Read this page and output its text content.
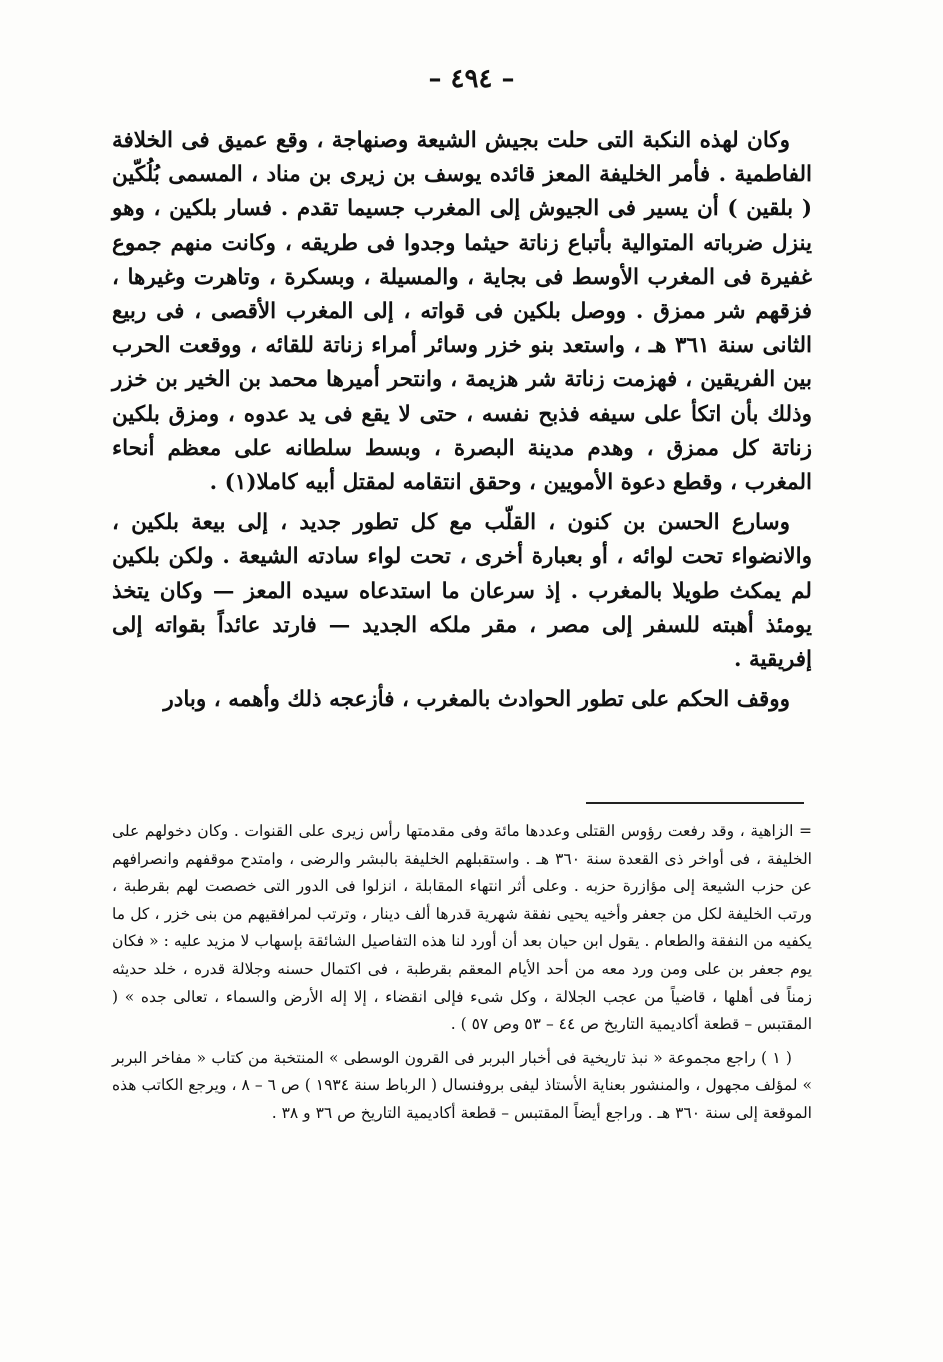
– ٤٩٤ –

وكان لهذه النكبة التى حلت بجيش الشيعة وصنهاجة ، وقع عميق فى الخلافة الفاطمية . فأمر الخليفة المعز قائده يوسف بن زيرى بن مناد ، المسمى بُلُكّين ( بلقين ) أن يسير فى الجيوش إلى المغرب جسيما تقدم . فسار بلكين ، وهو ينزل ضرباته المتوالية بأتباع زناتة حيثما وجدوا فى طريقه ، وكانت منهم جموع غفيرة فى المغرب الأوسط فى بجاية ، والمسيلة ، وبسكرة ، وتاهرت وغيرها ، فزقهم شر ممزق . ووصل بلكين فى قواته ، إلى المغرب الأقصى ، فى ربيع الثانى سنة ٣٦١ هـ ، واستعد بنو خزر وسائر أمراء زناتة للقائه ، ووقعت الحرب بين الفريقين ، فهزمت زناتة شر هزيمة ، وانتحر أميرها محمد بن الخير بن خزر وذلك بأن اتكأ على سيفه فذبح نفسه ، حتى لا يقع فى يد عدوه ، ومزق بلكين زناتة كل ممزق ، وهدم مدينة البصرة ، وبسط سلطانه على معظم أنحاء المغرب ، وقطع دعوة الأمويين ، وحقق انتقامه لمقتل أبيه كاملا(١) .

وسارع الحسن بن كنون ، القلّب مع كل تطور جديد ، إلى بيعة بلكين ، والانضواء تحت لوائه ، أو بعبارة أخرى ، تحت لواء سادته الشيعة . ولكن بلكين لم يمكث طويلا بالمغرب . إذ سرعان ما استدعاه سيده المعز — وكان يتخذ يومئذ أهبته للسفر إلى مصر ، مقر ملكه الجديد — فارتد عائداً بقواته إلى إفريقية .

ووقف الحكم على تطور الحوادث بالمغرب ، فأزعجه ذلك وأهمه ، وبادر

= الزاهية ، وقد رفعت رؤوس القتلى وعددها مائة وفى مقدمتها رأس زيرى على القنوات . وكان دخولهم على الخليفة ، فى أواخر ذى القعدة سنة ٣٦٠ هـ . واستقبلهم الخليفة بالبشر والرضى ، وامتدح موقفهم وانصرافهم عن حزب الشيعة إلى مؤازرة حزبه . وعلى أثر انتهاء المقابلة ، انزلوا فى الدور التى خصصت لهم بقرطبة ، ورتب الخليفة لكل من جعفر وأخيه يحيى نفقة شهرية قدرها ألف دينار ، وترتب لمرافقيهم من بنى خزر ، كل ما يكفيه من النفقة والطعام . يقول ابن حيان بعد أن أورد لنا هذه التفاصيل الشائقة بإسهاب لا مزيد عليه : « فكان يوم جعفر بن على ومن ورد معه من أحد الأيام المعقم بقرطبة ، فى اكتمال حسنه وجلالة قدره ، خلد حديثه زمناً فى أهلها ، قاضياً من عجب الجلالة ، وكل شىء فإلى انقضاء ، إلا إله الأرض والسماء ، تعالى جده » ( المقتبس – قطعة أكاديمية التاريخ ص ٤٤ – ٥٣ وص ٥٧ ) .

( ١ ) راجع مجموعة « نبذ تاريخية فى أخبار البربر فى القرون الوسطى » المنتخبة من كتاب « مفاخر البربر » لمؤلف مجهول ، والمنشور بعناية الأستاذ ليفى بروفنسال ( الرباط سنة ١٩٣٤ ) ص ٦ – ٨ ، ويرجع الكاتب هذه الموقعة إلى سنة ٣٦٠ هـ . وراجع أيضاً المقتبس – قطعة أكاديمية التاريخ ص ٣٦ و ٣٨ .
